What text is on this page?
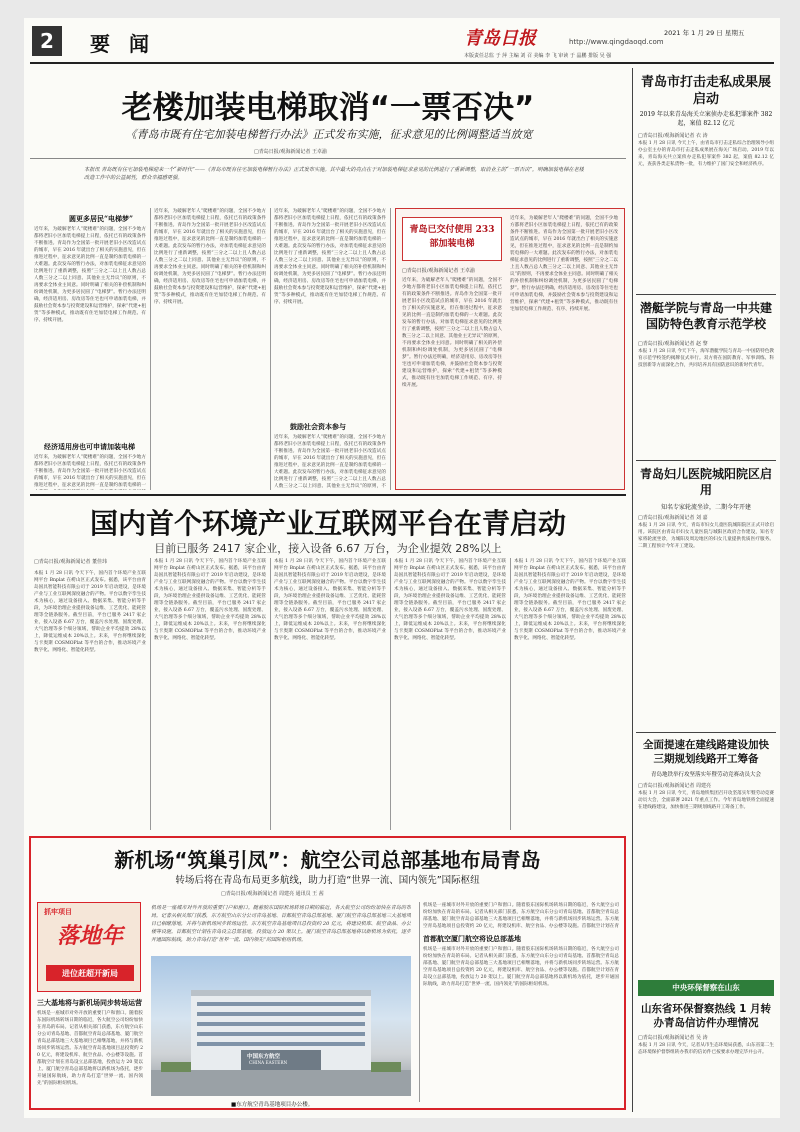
2	要 闻	青岛日报	http://www.qingdaoqd.com
2021 年 1 月 29 日 星期五
本版责任总监 于 萍 主编 刘 召 美编 李 飞 审读 于 晶鹏 排版 吴 强
老楼加装电梯取消“一票否决”
《青岛市既有住宅加装电梯暂行办法》正式发布实施，征求意见的比例调整适当放宽
□青岛日报/观海新闻记者 王卓渝
本报讯 青岛既有住宅加装电梯迎来一个“新时代”——《青岛市既有住宅加装电梯暂行办法》正式发布实施。其中最大的亮点在于对加装电梯征求意见的比例进行了重新调整，取消业主的“一票否决”，明确加装电梯在老楼改造工作中的公益属性，群众幸福感更强。
圆更多居民“电梯梦”
近年来，为破解老年人“爬楼难”的问题，全国不少地方都将老旧小区加装电梯提上日程，依托已有的政策条件不断推进。青岛作为全国第一批开展老旧小区改造试点的城市，早在 2016 年就出台了相关的实施意见，但在推进过程中，征求意见的比例一直是制约加装电梯的一大难题。此次发布的暂行办法，对加装电梯征求意见的比例进行了重新调整，按照“三分之二以上且人数占总人数三分之二以上同意、其他业主无异议”的原则，不再要求全体业主同意。同时明确了相关的补偿机制和纠纷调处机制，为更多居民圆了“电梯梦”。暂行办法还明确，经济适用房、房改房等住宅也可申请加装电梯，并鼓励社会资本参与投资建设和运营维护，探索“代建+租赁”等多种模式，推动既有住宅加装电梯工作规范、有序、持续开展。
经济适用房也可申请加装电梯
近年来，为破解老年人“爬楼难”的问题，全国不少地方都将老旧小区加装电梯提上日程，依托已有的政策条件不断推进。青岛作为全国第一批开展老旧小区改造试点的城市，早在 2016 年就出台了相关的实施意见，但在推进过程中，征求意见的比例一直是制约加装电梯的一
近年来，为破解老年人“爬楼难”的问题，全国不少地方都将老旧小区加装电梯提上日程，依托已有的政策条件不断推进。青岛作为全国第一批开展老旧小区改造试点的城市，早在 2016 年就出台了相关的实施意见，但在推进过程中，征求意见的比例一直是制约加装电梯的一大难题。此次发布的暂行办法，对加装电梯征求意见的比例进行了重新调整，按照“三分之二以上且人数占总人数三分之二以上同意、其他业主无异议”的原则，不再要求全体业主同意。同时明确了相关的补偿机制和纠纷调处机制，为更多居民圆了“电梯梦”。暂行办法还明确，经济适用房、房改房等住宅也可申请加装电梯，并鼓励社会资本参与投资建设和运营维护，探索“代建+租赁”等多种模式，推动既有住宅加装电梯工作规范、有序、持续开展。
近年来，为破解老年人“爬楼难”的问题，全国不少地方都将老旧小区加装电梯提上日程，依托已有的政策条件不断推进。青岛作为全国第一批开展老旧小区改造试点的城市，早在 2016 年就出台了相关的实施意见，但在推进过程中，征求意见的比例一直是制约加装电梯的一大难题。此次发布的暂行办法，对加装电梯征求意见的比例进行了重新调整，按照“三分之二以上且人数占总人数三分之二以上同意、其他业主无异议”的原则，不再要求全体业主同意。同时明确了相关的补偿机制和纠纷调处机制，为更多居民圆了“电梯梦”。暂行办法还明确，经济适用房、房改房等住宅也可申请加装电梯，并鼓励社会资本参与投资建设和运营维护，探索“代建+租赁”等多种模式，推动既有住宅加装电梯工作规范、有序、持续开展。
鼓励社会资本参与
近年来，为破解老年人“爬楼难”的问题，全国不少地方都将老旧小区加装电梯提上日程，依托已有的政策条件不断推进。青岛作为全国第一批开展老旧小区改造试点的城市，早在 2016 年就出台了相关的实施意见，但在推进过程中，征求意见的比例一直是制约加装电梯的一大难题。此次发布的暂行办法，对加装电梯征求意见的比例进行了重新调整，按照“三分之二以上且人数占总人数三分之二以上同意、其他业主无异议”的原则，不
青岛已交付使用 233 部加装电梯
□青岛日报/观海新闻记者 王卓渝
近年来，为破解老年人“爬楼难”的问题，全国不少地方都将老旧小区加装电梯提上日程，依托已有的政策条件不断推进。青岛作为全国第一批开展老旧小区改造试点的城市，早在 2016 年就出台了相关的实施意见，但在推进过程中，征求意见的比例一直是制约加装电梯的一大难题。此次发布的暂行办法，对加装电梯征求意见的比例进行了重新调整，按照“三分之二以上且人数占总人数三分之二以上同意、其他业主无异议”的原则，不再要求全体业主同意。同时明确了相关的补偿机制和纠纷调处机制，为更多居民圆了“电梯梦”。暂行办法还明确，经济适用房、房改房等住宅也可申请加装电梯，并鼓励社会资本参与投资建设和运营维护，探索“代建+租赁”等多种模式，推动既有住宅加装电梯工作规范、有序、持续开展。
近年来，为破解老年人“爬楼难”的问题，全国不少地方都将老旧小区加装电梯提上日程，依托已有的政策条件不断推进。青岛作为全国第一批开展老旧小区改造试点的城市，早在 2016 年就出台了相关的实施意见，但在推进过程中，征求意见的比例一直是制约加装电梯的一大难题。此次发布的暂行办法，对加装电梯征求意见的比例进行了重新调整，按照“三分之二以上且人数占总人数三分之二以上同意、其他业主无异议”的原则，不再要求全体业主同意。同时明确了相关的补偿机制和纠纷调处机制，为更多居民圆了“电梯梦”。暂行办法还明确，经济适用房、房改房等住宅也可申请加装电梯，并鼓励社会资本参与投资建设和运营维护，探索“代建+租赁”等多种模式，推动既有住宅加装电梯工作规范、有序、持续开展。
国内首个环境产业互联网平台在青启动
目前已服务 2417 家企业，接入设备 6.67 万台，为企业提效 28%以上
□青岛日报/观海新闻记者 董佳玮
本报 1 月 28 日讯 今天下午，国内首个环境产业互联网平台 Bnplat 在崂山区正式发布。据悉，该平台由青岛国具智能科技有限公司于 2019 年启动建设，是环境产业与工业互联网深度融合的产物。平台以数字孪生技术为核心，通过设备接入、数据采集、智能分析等手段，为环境治理企业提供设备运维、工艺优化、能耗管理等全链条服务。截至目前，平台已服务 2417 家企业，接入设备 6.67 万台，覆盖污水处理、固废处理、大气治理等多个细分领域，帮助企业平均提效 28%以上，降低运维成本 20%以上。未来，平台将继续深化与卡奥斯 COSMOPlat 等平台的合作，推动环境产业数字化、网络化、智能化转型。
本报 1 月 28 日讯 今天下午，国内首个环境产业互联网平台 Bnplat 在崂山区正式发布。据悉，该平台由青岛国具智能科技有限公司于 2019 年启动建设，是环境产业与工业互联网深度融合的产物。平台以数字孪生技术为核心，通过设备接入、数据采集、智能分析等手段，为环境治理企业提供设备运维、工艺优化、能耗管理等全链条服务。截至目前，平台已服务 2417 家企业，接入设备 6.67 万台，覆盖污水处理、固废处理、大气治理等多个细分领域，帮助企业平均提效 28%以上，降低运维成本 20%以上。未来，平台将继续深化与卡奥斯 COSMOPlat 等平台的合作，推动环境产业数字化、网络化、智能化转型。
本报 1 月 28 日讯 今天下午，国内首个环境产业互联网平台 Bnplat 在崂山区正式发布。据悉，该平台由青岛国具智能科技有限公司于 2019 年启动建设，是环境产业与工业互联网深度融合的产物。平台以数字孪生技术为核心，通过设备接入、数据采集、智能分析等手段，为环境治理企业提供设备运维、工艺优化、能耗管理等全链条服务。截至目前，平台已服务 2417 家企业，接入设备 6.67 万台，覆盖污水处理、固废处理、大气治理等多个细分领域，帮助企业平均提效 28%以上，降低运维成本 20%以上。未来，平台将继续深化与卡奥斯 COSMOPlat 等平台的合作，推动环境产业数字化、网络化、智能化转型。
本报 1 月 28 日讯 今天下午，国内首个环境产业互联网平台 Bnplat 在崂山区正式发布。据悉，该平台由青岛国具智能科技有限公司于 2019 年启动建设，是环境产业与工业互联网深度融合的产物。平台以数字孪生技术为核心，通过设备接入、数据采集、智能分析等手段，为环境治理企业提供设备运维、工艺优化、能耗管理等全链条服务。截至目前，平台已服务 2417 家企业，接入设备 6.67 万台，覆盖污水处理、固废处理、大气治理等多个细分领域，帮助企业平均提效 28%以上，降低运维成本 20%以上。未来，平台将继续深化与卡奥斯 COSMOPlat 等平台的合作，推动环境产业数字化、网络化、智能化转型。
本报 1 月 28 日讯 今天下午，国内首个环境产业互联网平台 Bnplat 在崂山区正式发布。据悉，该平台由青岛国具智能科技有限公司于 2019 年启动建设，是环境产业与工业互联网深度融合的产物。平台以数字孪生技术为核心，通过设备接入、数据采集、智能分析等手段，为环境治理企业提供设备运维、工艺优化、能耗管理等全链条服务。截至目前，平台已服务 2417 家企业，接入设备 6.67 万台，覆盖污水处理、固废处理、大气治理等多个细分领域，帮助企业平均提效 28%以上，降低运维成本 20%以上。未来，平台将继续深化与卡奥斯 COSMOPlat 等平台的合作，推动环境产业数字化、网络化、智能化转型。
新机场“筑巢引凤”：航空公司总部基地布局青岛
转场后将在青岛布局更多航线，助力打造“世界一流、国内领先”国际枢纽
□青岛日报/观海新闻记者 周建亮 通讯员 王 茜
抓牢项目
落地年
进位赶超开新局
三大基地将与新机场同步转场运营
机场是一座城市对外开放的重要门户和窗口。随着胶东国际机场转场日期的临近，各大航空公司纷纷加快在青岛的布局。记者从相关部门获悉，东方航空山东分公司青岛基地、首都航空青岛总部基地、厦门航空青岛总部基地三大基地项目已相继落地，并将与新机场同步转场运营。东方航空青岛基地项目总投资约 20 亿元，将建设机库、航空食品、办公楼等设施。首都航空计划在青岛设立总部基地，投放运力 20 架以上。厦门航空青岛总部基地将以新机场为依托，逐步开通国际航线，助力青岛打造“世界一流、国内领先”的国际枢纽机场。
机场是一座城市对外开放的重要门户和窗口。随着胶东国际机场转场日期的临近，各大航空公司纷纷加快在青岛的布局。记者从相关部门获悉，东方航空山东分公司青岛基地、首都航空青岛总部基地、厦门航空青岛总部基地三大基地项目已相继落地，并将与新机场同步转场运营。东方航空青岛基地项目总投资约 20 亿元，将建设机库、航空食品、办公楼等设施。首都航空计划在青岛设立总部基地，投放运力 20 架以上。厦门航空青岛总部基地将以新机场为依托，逐步开通国际航线，助力青岛打造“世界一流、国内领先”的国际枢纽机场。
中国东方航空
CHINA EASTERN
■东方航空青岛基地项目办公楼。
机场是一座城市对外开放的重要门户和窗口。随着胶东国际机场转场日期的临近，各大航空公司纷纷加快在青岛的布局。记者从相关部门获悉，东方航空山东分公司青岛基地、首都航空青岛总部基地、厦门航空青岛总部基地三大基地项目已相继落地，并将与新机场同步转场运营。东方航空青岛基地项目总投资约 20 亿元，将建设机库、航空食品、办公楼等设施。首都航空计划在青
首都航空厦门航空将设总部基地
机场是一座城市对外开放的重要门户和窗口。随着胶东国际机场转场日期的临近，各大航空公司纷纷加快在青岛的布局。记者从相关部门获悉，东方航空山东分公司青岛基地、首都航空青岛总部基地、厦门航空青岛总部基地三大基地项目已相继落地，并将与新机场同步转场运营。东方航空青岛基地项目总投资约 20 亿元，将建设机库、航空食品、办公楼等设施。首都航空计划在青岛设立总部基地，投放运力 20 架以上。厦门航空青岛总部基地将以新机场为依托，逐步开通国际航线，助力青岛打造“世界一流、国内领先”的国际枢纽机场。
青岛市打击走私成果展启动
2019 年以来青岛海关立案侦办走私犯罪案件 382 起，案值 82.12 亿元
□青岛日报/观海新闻记者 衣 涛
本报 1 月 28 日讯 今天上午，由青岛市打击走私综合治理领导小组办公室主办的青岛市打击走私成果展在海关广场启动。2019 年以来，青岛海关共立案侦办走私犯罪案件 382 起，案值 82.12 亿元，查获各类走私货物一批，有力维护了国门安全和经济秩序。
潜艇学院与青岛一中共建国防特色教育示范学校
□青岛日报/观海新闻记者 赵 黎
本报 1 月 28 日讯 今天下午，海军潜艇学院与青岛一中国防特色教育示范学校签约揭牌仪式举行。双方将在国防教育、军事训练、科技创新等方面深化合作，共同培养具有国防意识的新时代青年。
青岛妇儿医院城阳院区启用
知名专家轮流坐诊，二期今年开建
□青岛日报/观海新闻记者 刘 嘉
本报 1 月 28 日讯 今天，青岛市妇女儿童医院城阳院区正式开诊启用。该院区由青岛市妇女儿童医院与城阳区政府合作建设，知名专家将轮流坐诊，为城阳及周边地区的妇女儿童提供优质医疗服务。二期工程预计今年开工建设。
全面提速在建线路建设加快三期规划线路开工筹备
青岛地铁举行攻坚落实年暨劳动竞赛动员大会
□青岛日报/观海新闻记者 周建亮
本报 1 月 28 日讯 今天，青岛地铁集团召开攻坚落实年暨劳动竞赛动员大会，全面部署 2021 年重点工作。今年青岛地铁将全面提速在建线路建设，加快推进三期规划线路开工筹备工作。
中央环保督察在山东
山东省环保督察热线 1 月转办青岛信访件办理情况
□青岛日报/观海新闻记者 吴 涛
本报 1 月 28 日讯 今天，记者从市生态环境局获悉，山东省第二生态环境保护督察组转办我市的信访件已按要求办理完毕并公开。
